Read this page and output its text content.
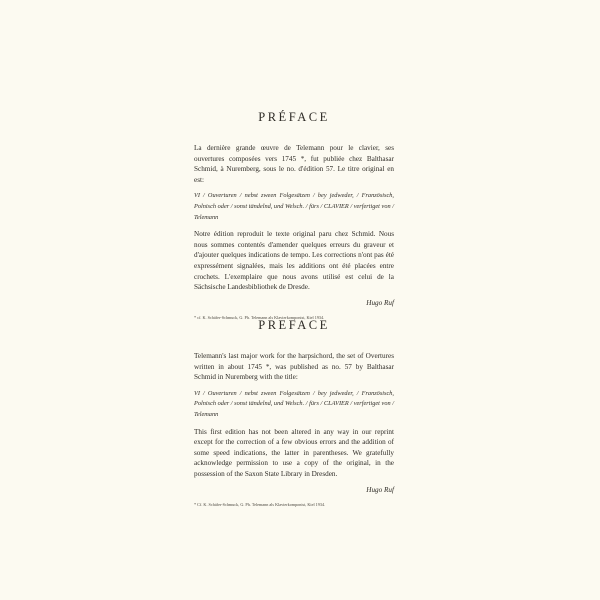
PRÉFACE

La dernière grande œuvre de Telemann pour le clavier, ses ouvertures composées vers 1745 *, fut publiée chez Balthasar Schmid, à Nuremberg, sous le no. d'édition 57. Le titre original en est:

VI / Ouverturen / nebst zween Folgesätzen / bey jedweder, / Französisch, Polnisch oder / sonst tändelnd, und Welsch. / fürs / CLAVIER / verfertiget von / Telemann

Notre édition reproduit le texte original paru chez Schmid. Nous nous sommes contentés d'amender quelques erreurs du graveur et d'ajouter quelques indications de tempo. Les corrections n'ont pas été expressément signalées, mais les additions ont été placées entre crochets. L'exemplaire que nous avons utilisé est celui de la Sächsische Landesbibliothek de Dresde.

Hugo Ruf

* cf. K. Schäfer-Schmuck, G. Ph. Telemann als Klavierkomponist, Kiel 1934.

PREFACE

Telemann's last major work for the harpsichord, the set of Overtures written in about 1745 *, was published as no. 57 by Balthasar Schmid in Nuremberg with the title:

VI / Ouverturen / nebst zween Folgesätzen / bey jedweder, / Französisch, Polnisch oder / sonst tändelnd, und Welsch. / fürs / CLAVIER / verfertiget von / Telemann

This first edition has not been altered in any way in our reprint except for the correction of a few obvious errors and the addition of some speed indications, the latter in parentheses. We gratefully acknowledge permission to use a copy of the original, in the possession of the Saxon State Library in Dresden.

Hugo Ruf

* Cf. K. Schäfer-Schmuck, G. Ph. Telemann als Klavierkomponist, Kiel 1934.
